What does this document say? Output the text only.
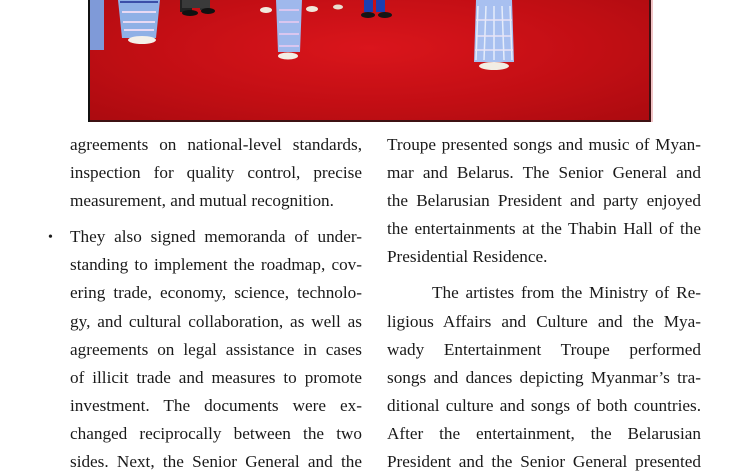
agreements on national-level standards,
inspection for quality control, precise
measurement, and mutual recognition.
They also signed memoranda of under-
standing to implement the roadmap, cov-
ering trade, economy, science, technolo-
gy, and cultural collaboration, as well as
agreements on legal assistance in cases
of illicit trade and measures to promote
investment. The documents were ex-
changed reciprocally between the two
sides. Next, the Senior General and the
•
Troupe presented songs and music of Myan-
mar and Belarus. The Senior General and
the Belarusian President and party enjoyed
the entertainments at the Thabin Hall of the
Presidential Residence.
The artistes from the Ministry of Re-
ligious Affairs and Culture and the Mya-
wady Entertainment Troupe performed
songs and dances depicting Myanmar’s tra-
ditional culture and songs of both countries.
After the entertainment, the Belarusian
President and the Senior General presented
